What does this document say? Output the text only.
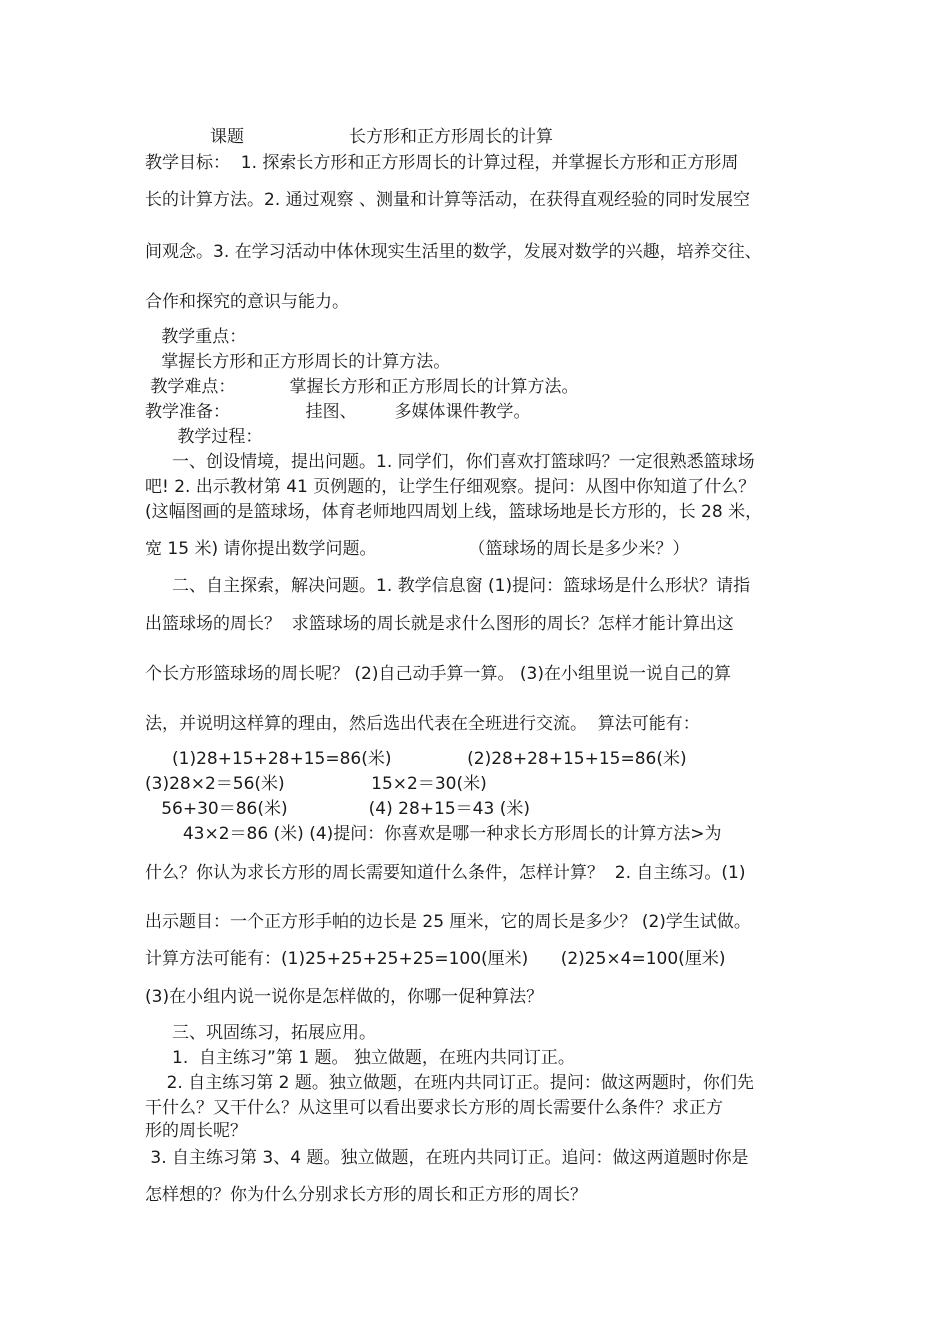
课题

	长方形和正方形周长的计算

教学目标：  1. 探索长方形和正方形周长的计算过程，并掌握长方形和正方形周
长的计算方法。2. 通过观察 、测量和计算等活动，在获得直观经验的同时发展空
间观念。3. 在学习活动中体休现实生活里的数学，发展对数学的兴趣，培养交往、
合作和探究的意识与能力。
教学重点：
掌握长方形和正方形周长的计算方法。
教学难点：          掌握长方形和正方形周长的计算方法。
教学准备：              挂图、       多媒体课件教学。
教学过程：
一、创设情境，提出问题。1. 同学们，你们喜欢打篮球吗？一定很熟悉篮球场
吧! 2. 出示教材第 41 页例题的，让学生仔细观察。提问：从图中你知道了什么？
(这幅图画的是篮球场，体育老师地四周划上线，篮球场地是长方形的，长 28 米，
宽 15 米) 请你提出数学问题。                 （篮球场的周长是多少米？）
二、自主探索，解决问题。1. 教学信息窗 (1)提问：篮球场是什么形状？请指
出篮球场的周长？  求篮球场的周长就是求什么图形的周长？怎样才能计算出这
个长方形篮球场的周长呢？ (2)自己动手算一算。 (3)在小组里说一说自己的算
法，并说明这样算的理由，然后选出代表在全班进行交流。  算法可能有：
(1)28+15+28+15=86(米)              (2)28+28+15+15=86(米)
(3)28×2＝56(米)                15×2＝30(米)
56+30＝86(米)               (4) 28+15＝43 (米)
43×2＝86 (米) (4)提问：你喜欢是哪一种求长方形周长的计算方法>为
什么？你认为求长方形的周长需要知道什么条件，怎样计算？  2. 自主练习。(1)
出示题目：一个正方形手帕的边长是 25 厘米，它的周长是多少？ (2)学生试做。
计算方法可能有：(1)25+25+25+25=100(厘米)      (2)25×4=100(厘米)
(3)在小组内说一说你是怎样做的，你哪一促种算法？
三、巩固练习，拓展应用。
1.  自主练习”第 1 题。 独立做题，在班内共同订正。
2. 自主练习第 2 题。独立做题，在班内共同订正。提问：做这两题时，你们先
干什么？又干什么？从这里可以看出要求长方形的周长需要什么条件？求正方
形的周长呢？
3. 自主练习第 3、4 题。独立做题，在班内共同订正。追问：做这两道题时你是
怎样想的？你为什么分别求长方形的周长和正方形的周长？
